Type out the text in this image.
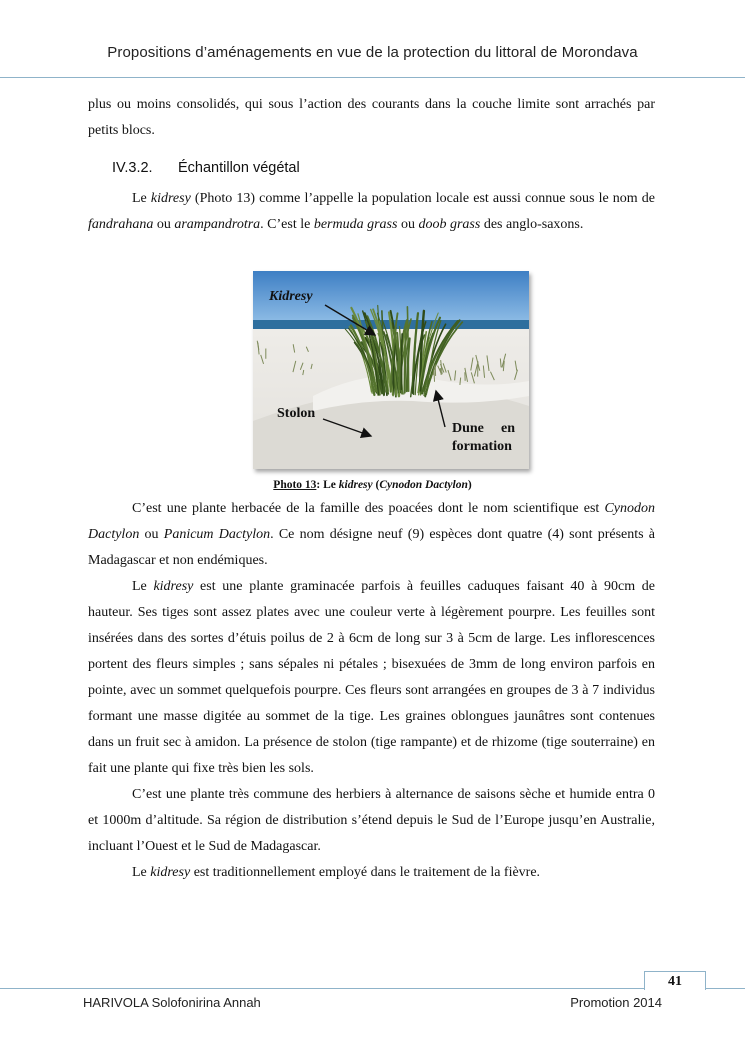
Propositions d’aménagements en vue de la protection du littoral de Morondava
plus ou moins consolidés, qui sous l’action des courants dans la couche limite sont arrachés par petits blocs.
IV.3.2. Échantillon végétal
Le kidresy (Photo 13) comme l’appelle la population locale est aussi connue sous le nom de fandrahana ou arampandrotra. C’est le bermuda grass ou doob grass des anglo-saxons.
Kidresy
Stolon
Dune en
formation
Photo 13: Le kidresy (Cynodon Dactylon)
C’est une plante herbacée de la famille des poacées dont le nom scientifique est Cynodon Dactylon ou Panicum Dactylon. Ce nom désigne neuf (9) espèces dont quatre (4) sont présents à Madagascar et non endémiques.
Le kidresy est une plante graminacée parfois à feuilles caduques faisant 40 à 90cm de hauteur. Ses tiges sont assez plates avec une couleur verte à légèrement pourpre. Les feuilles sont insérées dans des sortes d’étuis poilus de 2 à 6cm de long sur 3 à 5cm de large. Les inflorescences portent des fleurs simples ; sans sépales ni pétales ; bisexuées de 3mm de long environ parfois en pointe, avec un sommet quelquefois pourpre. Ces fleurs sont arrangées en groupes de 3 à 7 individus formant une masse digitée au sommet de la tige. Les graines oblongues jaunâtres sont contenues dans un fruit sec à amidon. La présence de stolon (tige rampante) et de rhizome (tige souterraine) en fait une plante qui fixe très bien les sols.
C’est une plante très commune des herbiers à alternance de saisons sèche et humide entra 0 et 1000m d’altitude. Sa région de distribution s’étend depuis le Sud de l’Europe jusqu’en Australie, incluant l’Ouest et le Sud de Madagascar.
Le kidresy est traditionnellement employé dans le traitement de la fièvre.
41
HARIVOLA Solofonirina Annah	Promotion 2014
